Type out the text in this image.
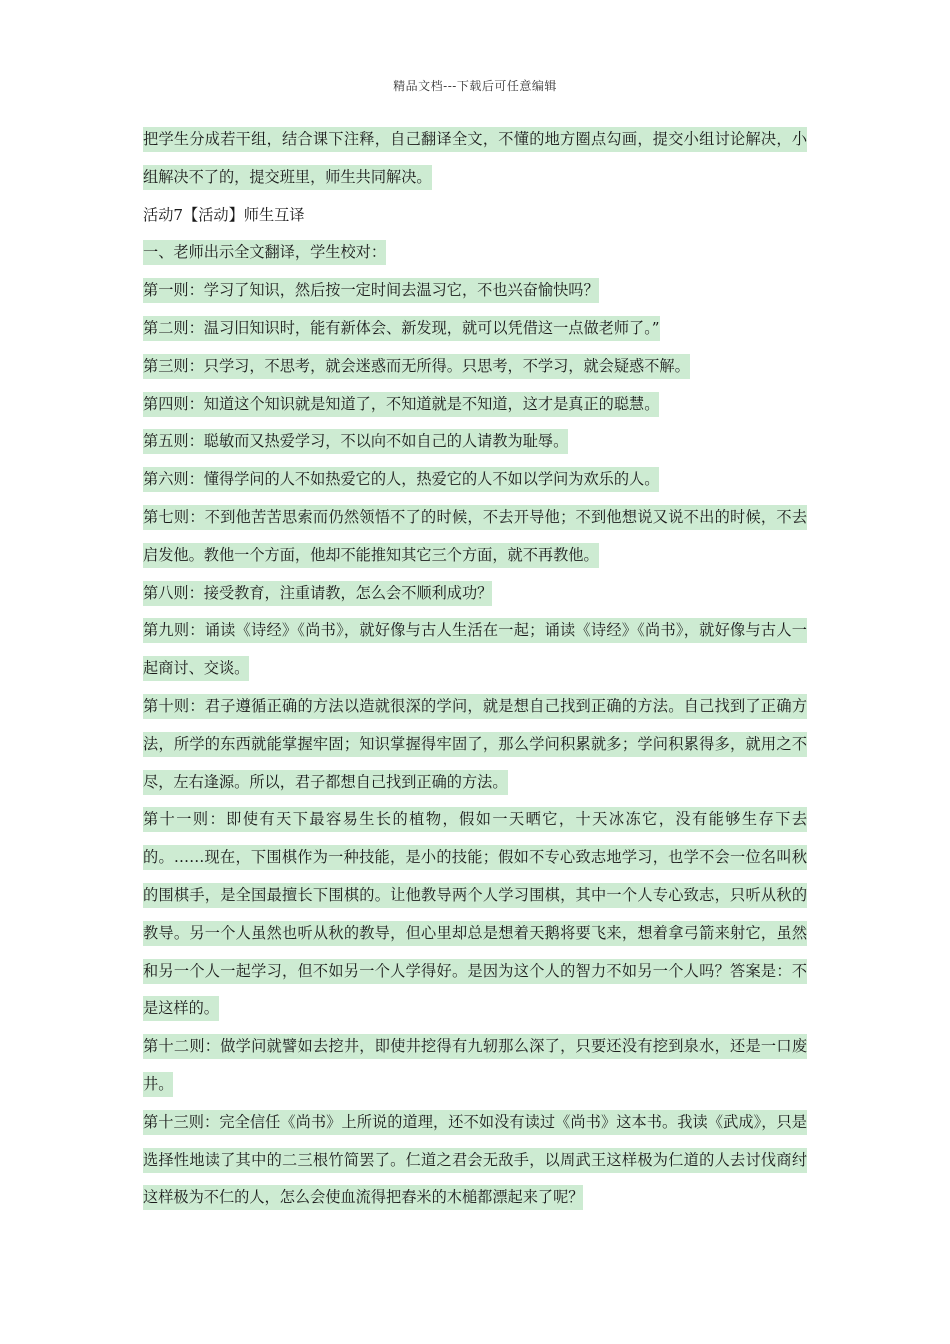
精品文档---下载后可任意编辑

把学生分成若干组，结合课下注释，自己翻译全文，不懂的地方圈点勾画，提交小组讨论解决，小组解决不了的，提交班里，师生共同解决。

活动7【活动】师生互译

一、老师出示全文翻译，学生校对：

第一则：学习了知识，然后按一定时间去温习它，不也兴奋愉快吗？

第二则：温习旧知识时，能有新体会、新发现，就可以凭借这一点做老师了。”

第三则：只学习，不思考，就会迷惑而无所得。只思考，不学习，就会疑惑不解。

第四则：知道这个知识就是知道了，不知道就是不知道，这才是真正的聪慧。

第五则：聪敏而又热爱学习，不以向不如自己的人请教为耻辱。

第六则：懂得学问的人不如热爱它的人，热爱它的人不如以学问为欢乐的人。

第七则：不到他苦苦思索而仍然领悟不了的时候，不去开导他；不到他想说又说不出的时候，不去启发他。教他一个方面，他却不能推知其它三个方面，就不再教他。

第八则：接受教育，注重请教，怎么会不顺利成功？

第九则：诵读《诗经》《尚书》，就好像与古人生活在一起；诵读《诗经》《尚书》，就好像与古人一起商讨、交谈。

第十则：君子遵循正确的方法以造就很深的学问，就是想自己找到正确的方法。自己找到了正确方法，所学的东西就能掌握牢固；知识掌握得牢固了，那么学问积累就多；学问积累得多，就用之不尽，左右逢源。所以，君子都想自己找到正确的方法。

第十一则：即使有天下最容易生长的植物，假如一天晒它，十天冰冻它，没有能够生存下去的。……现在，下围棋作为一种技能，是小的技能；假如不专心致志地学习，也学不会一位名叫秋的围棋手，是全国最擅长下围棋的。让他教导两个人学习围棋，其中一个人专心致志，只听从秋的教导。另一个人虽然也听从秋的教导，但心里却总是想着天鹅将要飞来，想着拿弓箭来射它，虽然和另一个人一起学习，但不如另一个人学得好。是因为这个人的智力不如另一个人吗？答案是：不是这样的。

第十二则：做学问就譬如去挖井，即使井挖得有九轫那么深了，只要还没有挖到泉水，还是一口废井。

第十三则：完全信任《尚书》上所说的道理，还不如没有读过《尚书》这本书。我读《武成》，只是选择性地读了其中的二三根竹简罢了。仁道之君会无敌手，以周武王这样极为仁道的人去讨伐商纣这样极为不仁的人，怎么会使血流得把舂米的木槌都漂起来了呢？
